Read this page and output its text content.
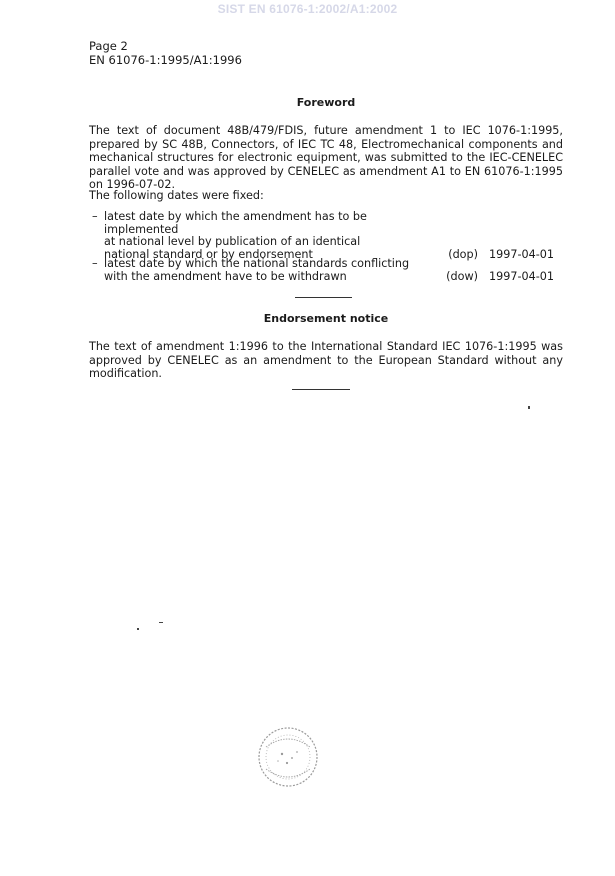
SIST EN 61076-1:2002/A1:2002
Page 2
EN 61076-1:1995/A1:1996
Foreword
The text of document 48B/479/FDIS, future amendment 1 to IEC 1076-1:1995, prepared by SC 48B, Connectors, of IEC TC 48, Electromechanical components and mechanical structures for electronic equipment, was submitted to the IEC-CENELEC parallel vote and was approved by CENELEC as amendment A1 to EN 61076-1:1995 on 1996-07-02.
The following dates were fixed:
– latest date by which the amendment has to be implemented
at national level by publication of an identical
national standard or by endorsement	(dop) 1997-04-01
– latest date by which the national standards conflicting
with the amendment have to be withdrawn	(dow) 1997-04-01
Endorsement notice
The text of amendment 1:1996 to the International Standard IEC 1076-1:1995 was approved by CENELEC as an amendment to the European Standard without any modification.
